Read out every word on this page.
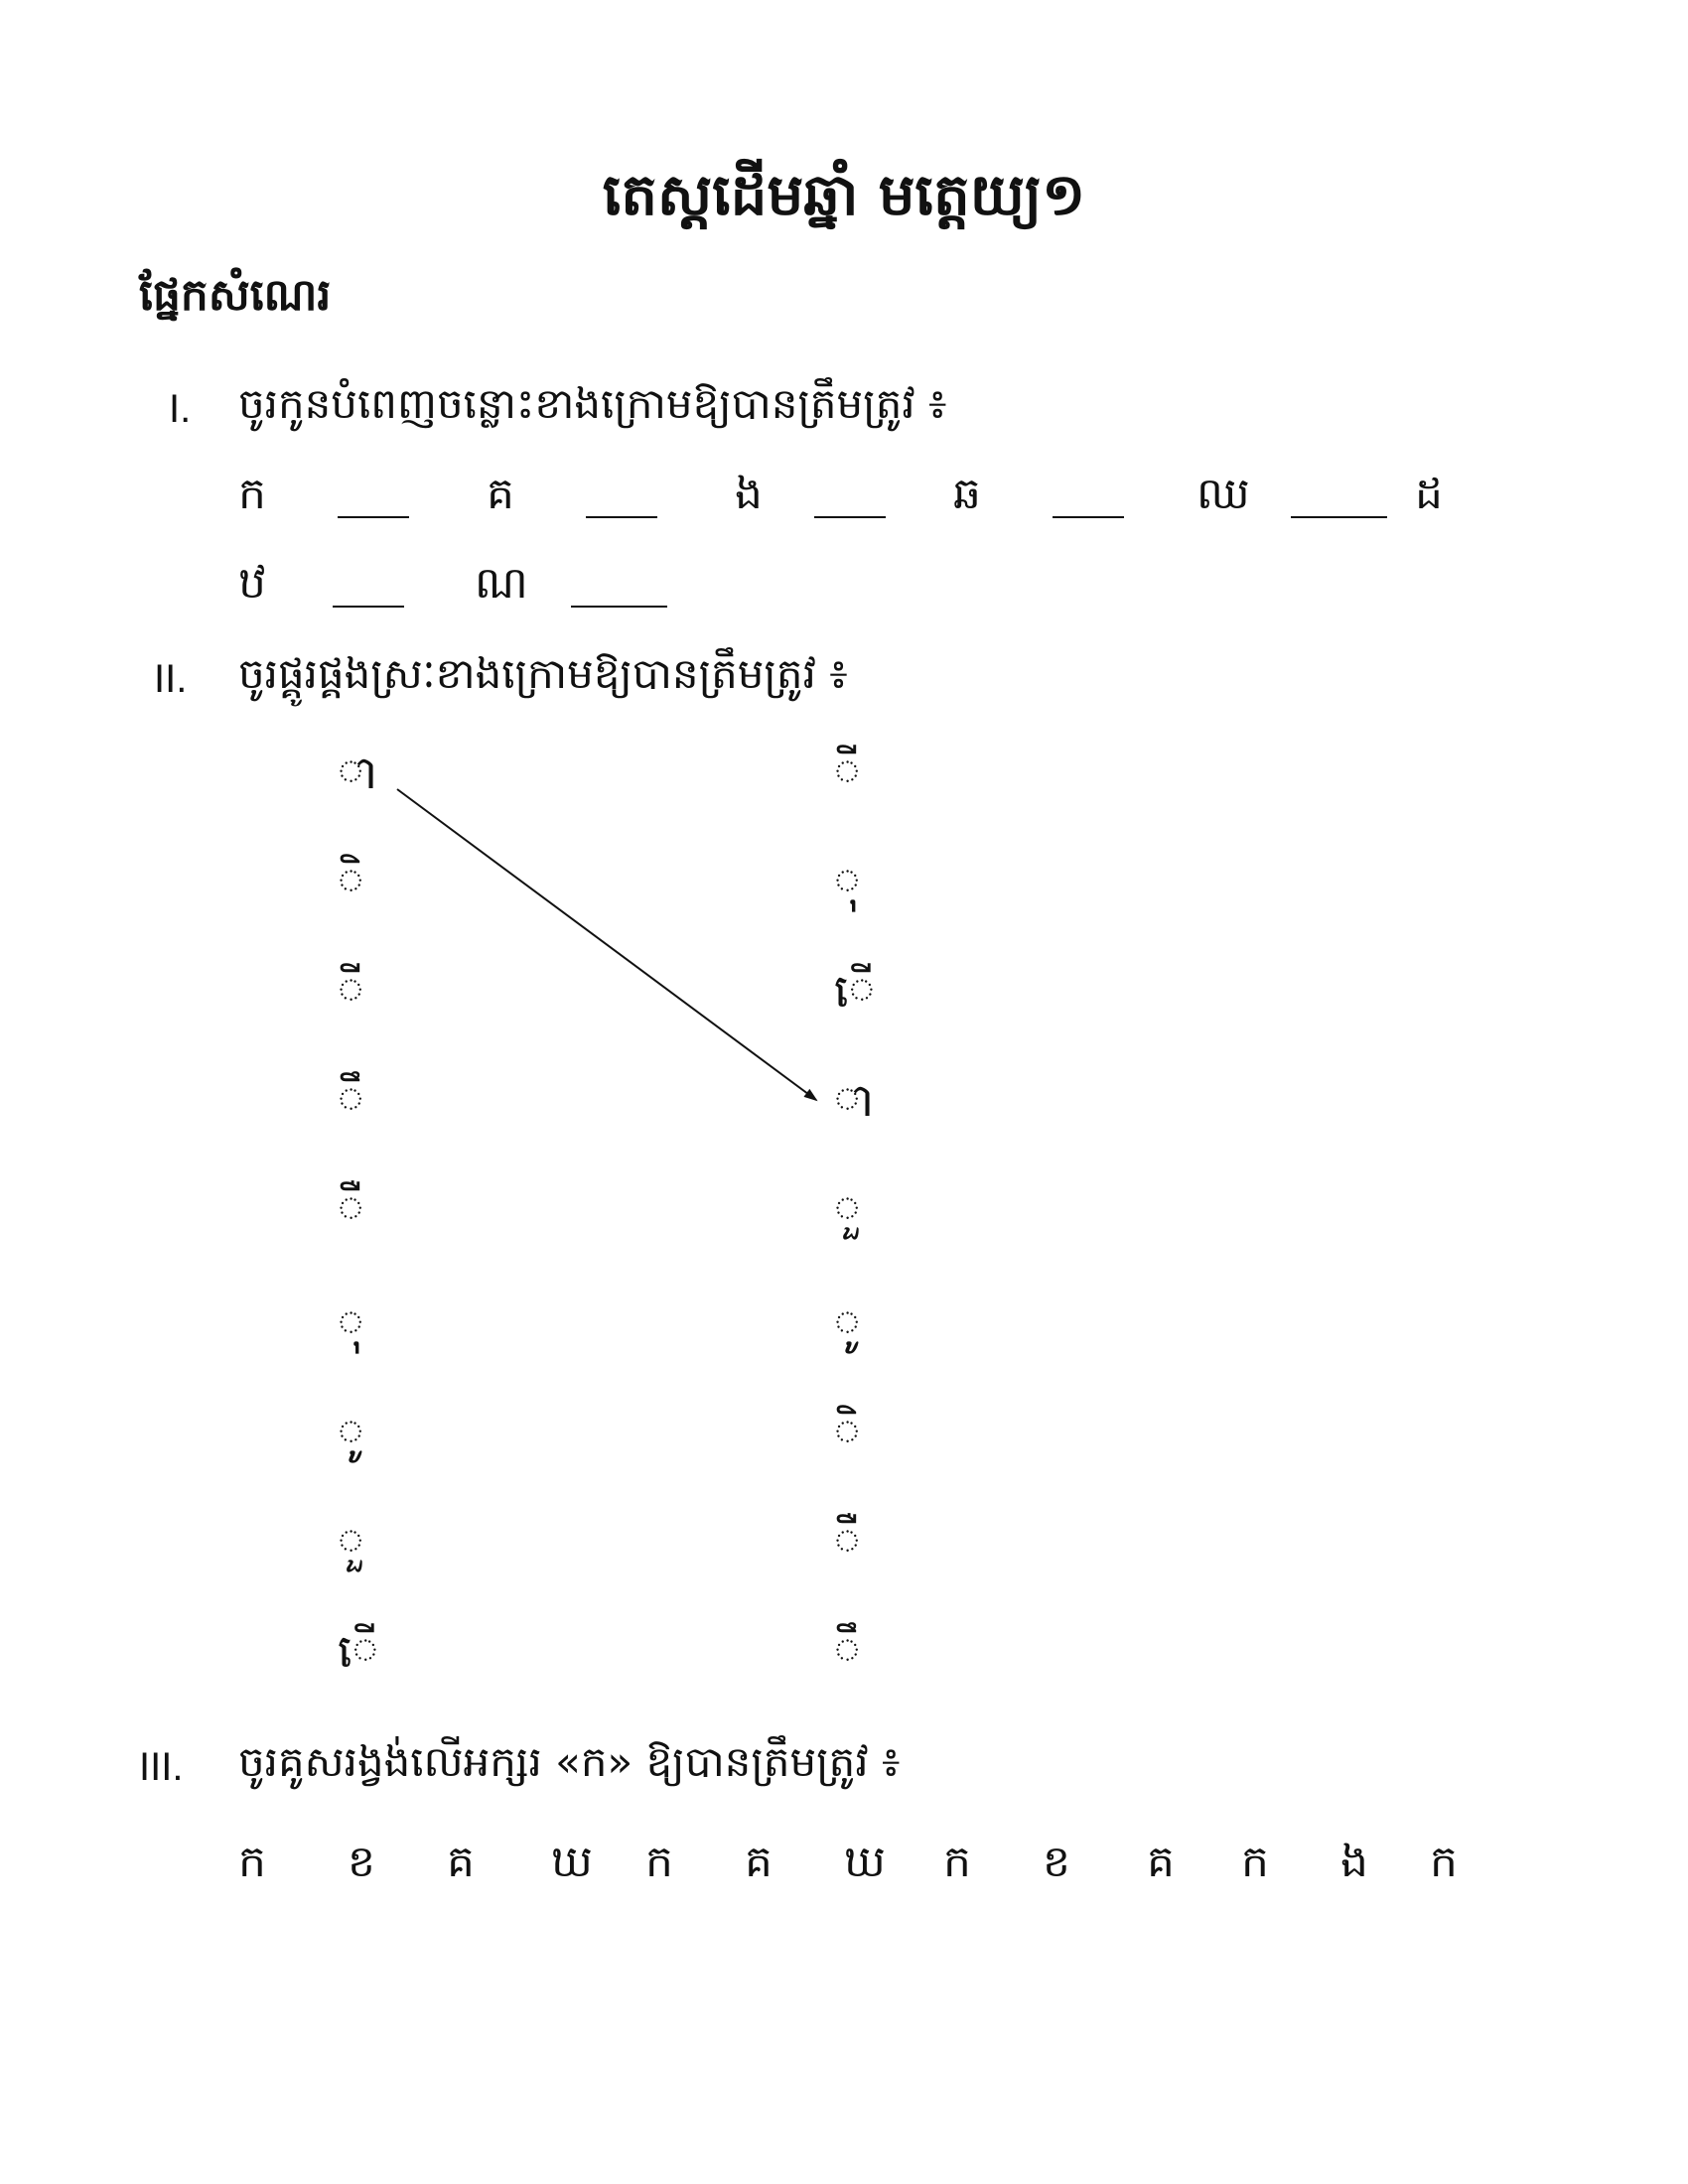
តេស្តដើមឆ្នាំ មត្តេយ្យ១
ផ្នែកសំណេរ
I. ចូរកូនបំពេញចន្លោះខាងក្រោមឱ្យបានត្រឹមត្រូវ ៖
ក	គ	ង	ឆ	ឈ	ដ
ឋ	ណ
II. ចូរផ្គូរផ្គងស្រៈខាងក្រោមឱ្យបានត្រឹមត្រូវ ៖
◌ា
◌ិ
◌ី
◌ឹ
◌ឺ
◌ុ
◌ូ
◌ួ
◌ើ
◌ី
◌ុ
◌ើ
◌ា
◌ួ
◌ូ
◌ិ
◌ឺ
◌ឹ
III. ចូរគូសរង្វង់លើអក្សរ «ក» ឱ្យបានត្រឹមត្រូវ ៖
ក ខ គ ឃ ក គ ឃ ក ខ គ ក ង ក
